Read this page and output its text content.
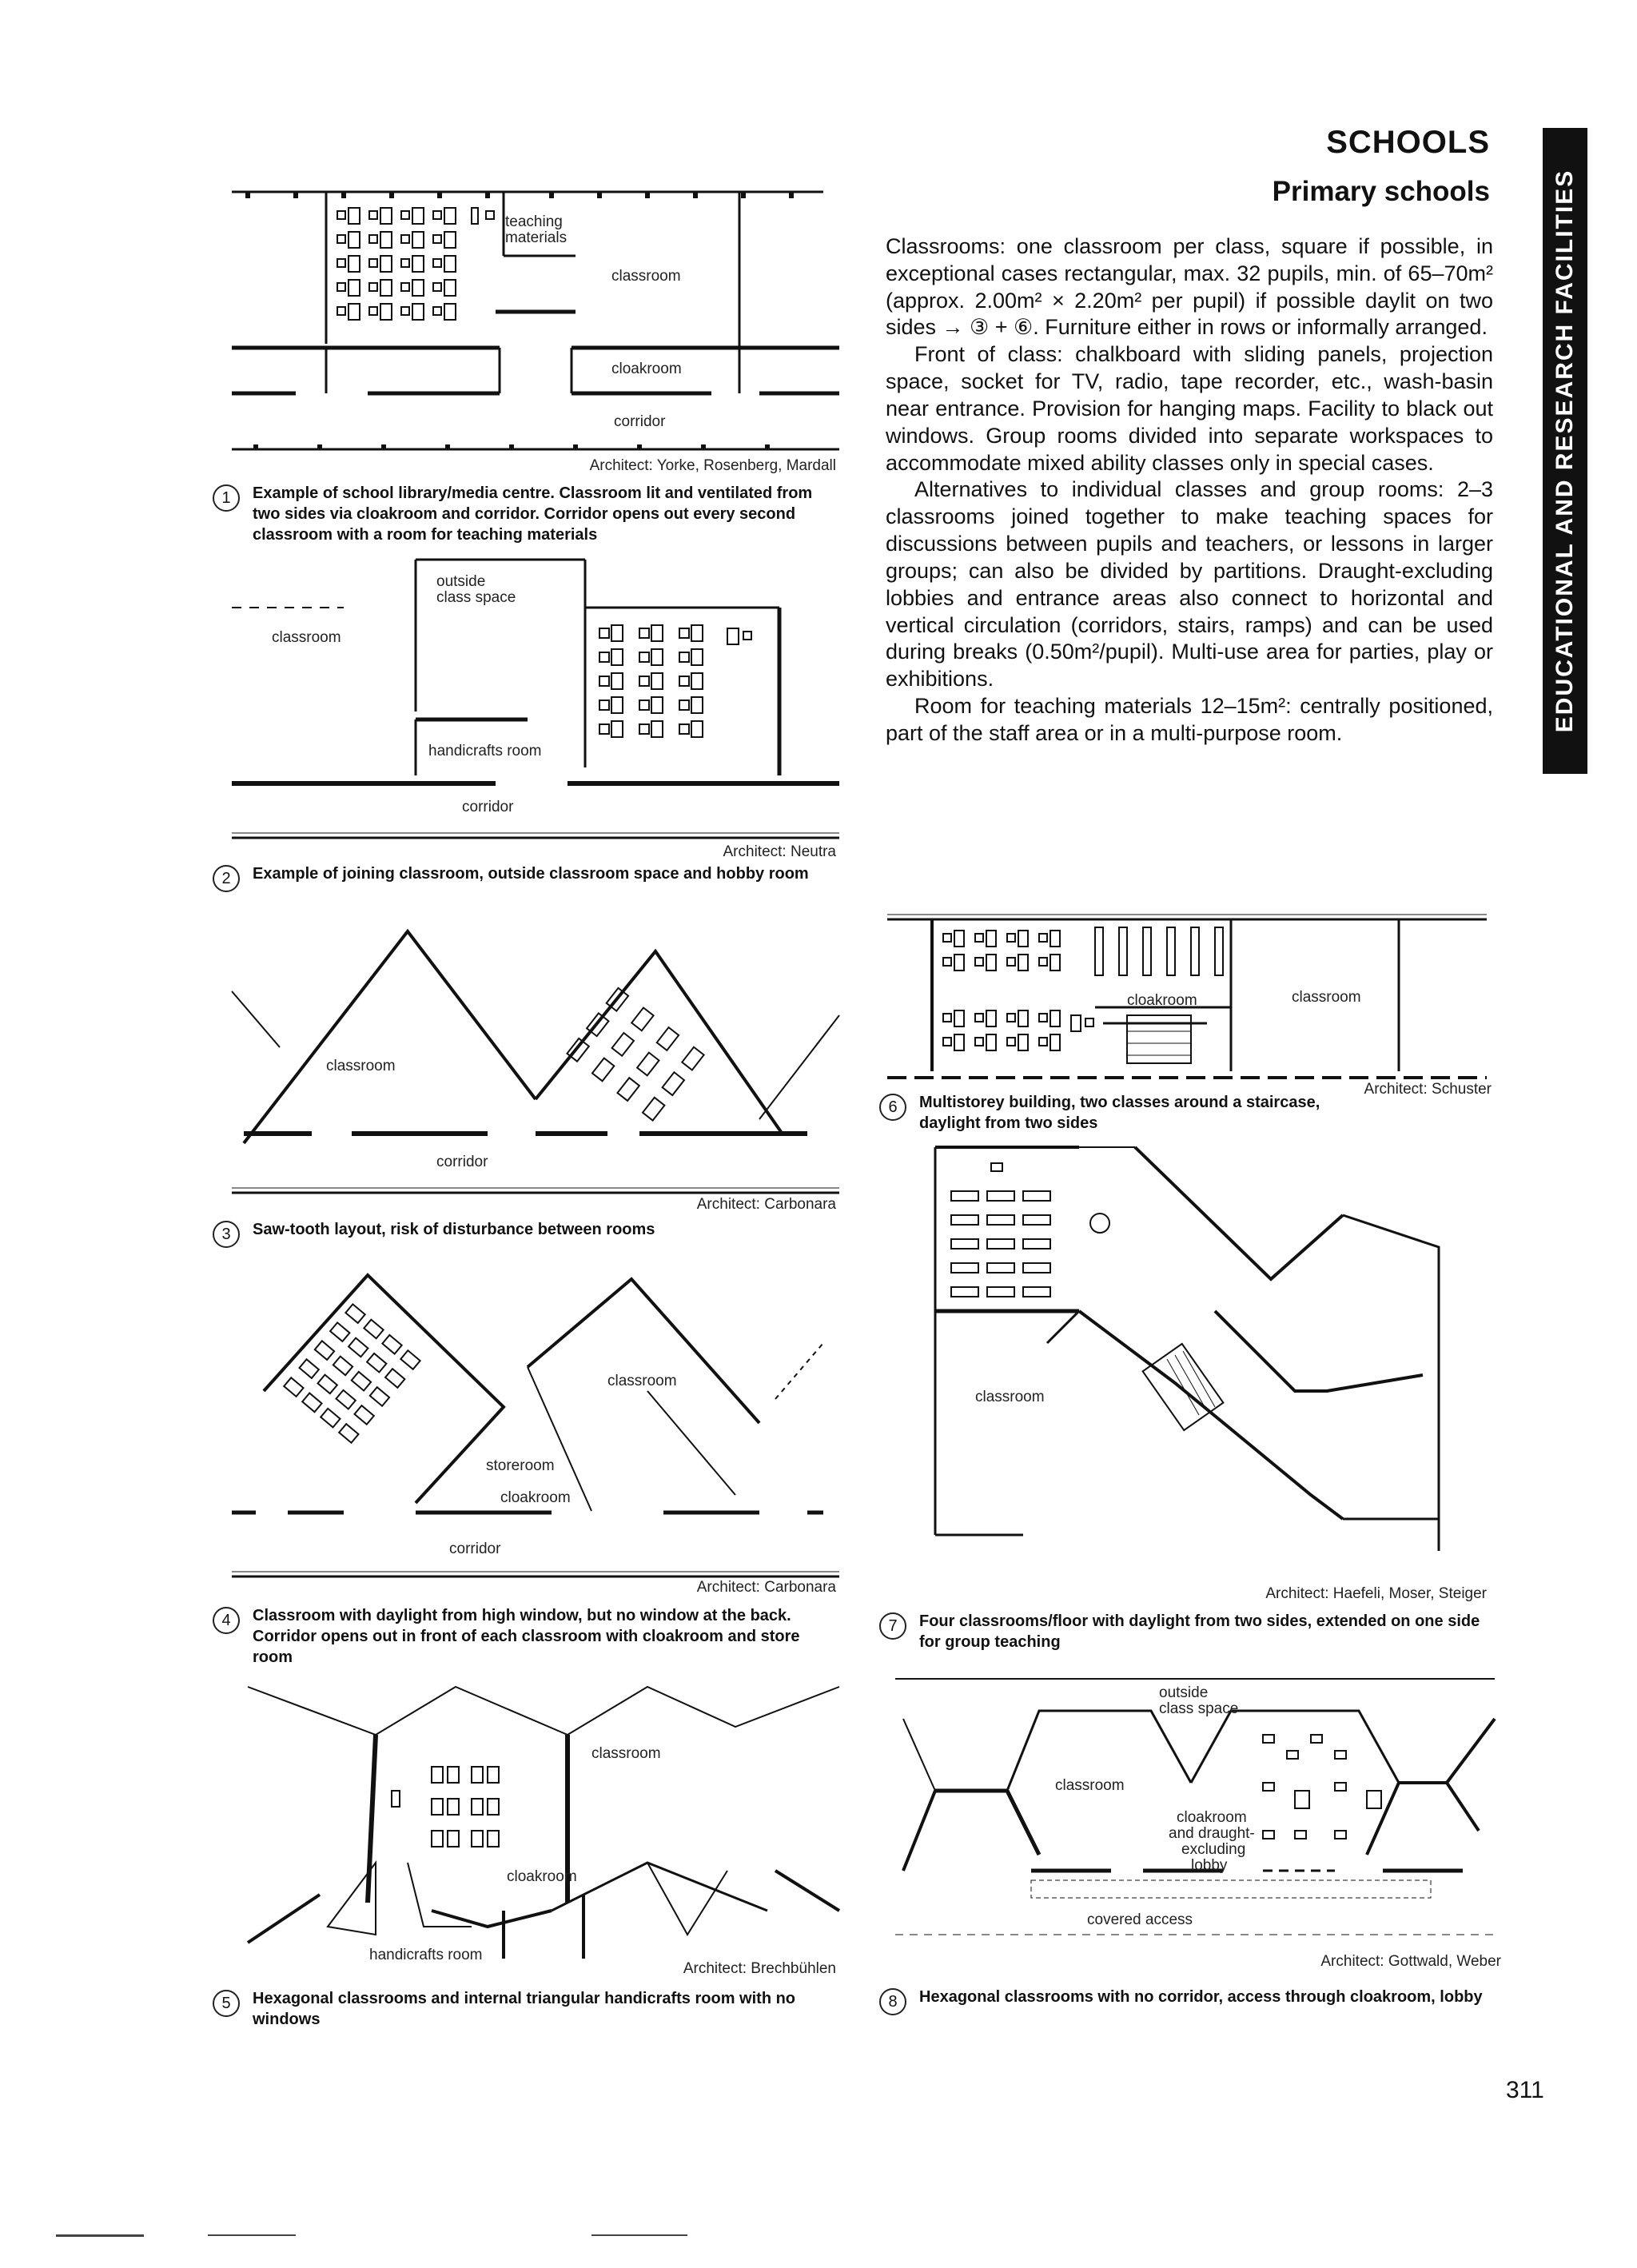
SCHOOLS
Primary schools	EDUCATIONAL AND RESEARCH FACILITIES

Classrooms: one classroom per class, square if possible, in exceptional cases rectangular, max. 32 pupils, min. of 65–70m² (approx. 2.00m² × 2.20m² per pupil) if possible daylit on two sides → ③ + ⑥. Furniture either in rows or informally arranged.

Front of class: chalkboard with sliding panels, projection space, socket for TV, radio, tape recorder, etc., wash-basin near entrance. Provision for hanging maps. Facility to black out windows. Group rooms divided into separate workspaces to accommodate mixed ability classes only in special cases.

Alternatives to individual classes and group rooms: 2–3 classrooms joined together to make teaching spaces for discussions between pupils and teachers, or lessons in larger groups; can also be divided by partitions. Draught-excluding lobbies and entrance areas also connect to horizontal and vertical circulation (corridors, stairs, ramps) and can be used during breaks (0.50m²/pupil). Multi-use area for parties, play or exhibitions.

Room for teaching materials 12–15m²: centrally positioned, part of the staff area or in a multi-purpose room.

teaching
materials
classroom
cloakroom
corridor
Architect: Yorke, Rosenberg, Mardall
1	Example of school library/media centre. Classroom lit and ventilated from two sides via cloakroom and corridor. Corridor opens out every second classroom with a room for teaching materials
outside
class space
classroom
handicrafts room
corridor
Architect: Neutra
2	Example of joining classroom, outside classroom space and hobby room
classroom
corridor
Architect: Carbonara
3	Saw-tooth layout, risk of disturbance between rooms
classroom
storeroom
cloakroom
corridor
Architect: Carbonara
4	Classroom with daylight from high window, but no window at the back. Corridor opens out in front of each classroom with cloakroom and store room
classroom
cloakroom
handicrafts room
Architect: Brechbühlen
5	Hexagonal classrooms and internal triangular handicrafts room with no windows
cloakroom	classroom
Architect: Schuster
6	Multistorey building, two classes around a staircase, daylight from two sides
classroom
Architect: Haefeli, Moser, Steiger
7	Four classrooms/floor with daylight from two sides, extended on one side for group teaching
outside
class space
classroom
cloakroom
and draught-
excluding
lobby
covered access
Architect: Gottwald, Weber
8	Hexagonal classrooms with no corridor, access through cloakroom, lobby
311
